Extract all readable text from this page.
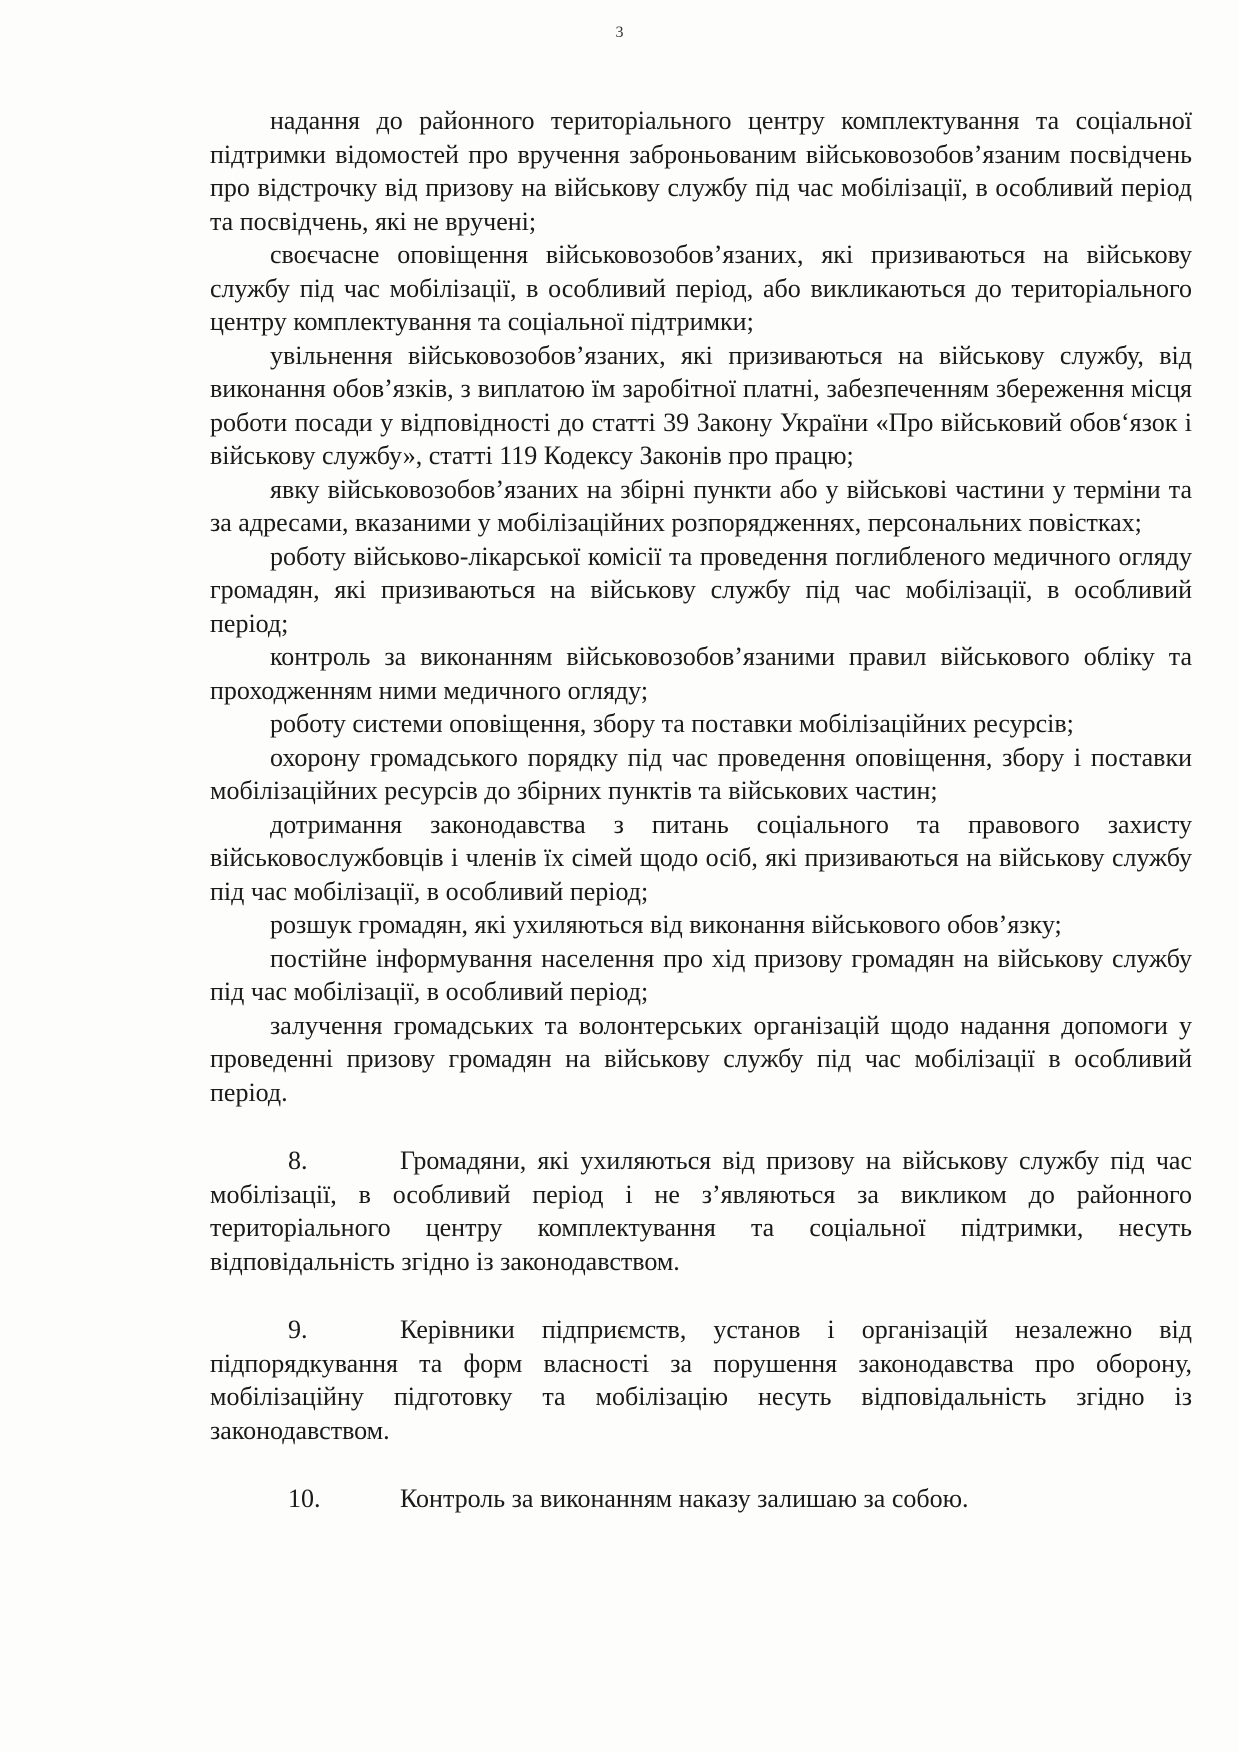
3

надання до районного територіального центру комплектування та соціальної підтримки відомостей про вручення заброньованим військовозобов’язаним посвідчень про відстрочку від призову на військову службу під час мобілізації, в особливий період та посвідчень, які не вручені;

своєчасне оповіщення військовозобов’язаних, які призиваються на військову службу під час мобілізації, в особливий період, або викликаються до територіального центру комплектування та соціальної підтримки;

увільнення військовозобов’язаних, які призиваються на військову службу, від виконання обов’язків, з виплатою їм заробітної платні, забезпеченням збереження місця роботи посади у відповідності до статті 39 Закону України «Про військовий обов‘язок і військову службу», статті 119 Кодексу Законів про працю;

явку військовозобов’язаних на збірні пункти або у військові частини у терміни та за адресами, вказаними у мобілізаційних розпорядженнях, персональних повістках;

роботу військово-лікарської комісії та проведення поглибленого медичного огляду громадян, які призиваються на військову службу під час мобілізації, в особливий період;

контроль за виконанням військовозобов’язаними правил військового обліку та проходженням ними медичного огляду;

роботу системи оповіщення, збору та поставки мобілізаційних ресурсів;

охорону громадського порядку під час проведення оповіщення, збору і поставки мобілізаційних ресурсів до збірних пунктів та військових частин;

дотримання законодавства з питань соціального та правового захисту військовослужбовців і членів їх сімей щодо осіб, які призиваються на військову службу під час мобілізації, в особливий період;

розшук громадян, які ухиляються від виконання військового обов’язку;

постійне інформування населення про хід призову громадян на військову службу під час мобілізації, в особливий період;

залучення громадських та волонтерських організацій щодо надання допомоги у проведенні призову громадян на військову службу під час мобілізації в особливий період.

8.	Громадяни, які ухиляються від призову на військову службу під час мобілізації, в особливий період і не з’являються за викликом до районного територіального центру комплектування та соціальної підтримки, несуть відповідальність згідно із законодавством.

9.	Керівники підприємств, установ і організацій незалежно від підпорядкування та форм власності за порушення законодавства про оборону, мобілізаційну підготовку та мобілізацію несуть відповідальність згідно із законодавством.

10.	Контроль за виконанням наказу залишаю за собою.
